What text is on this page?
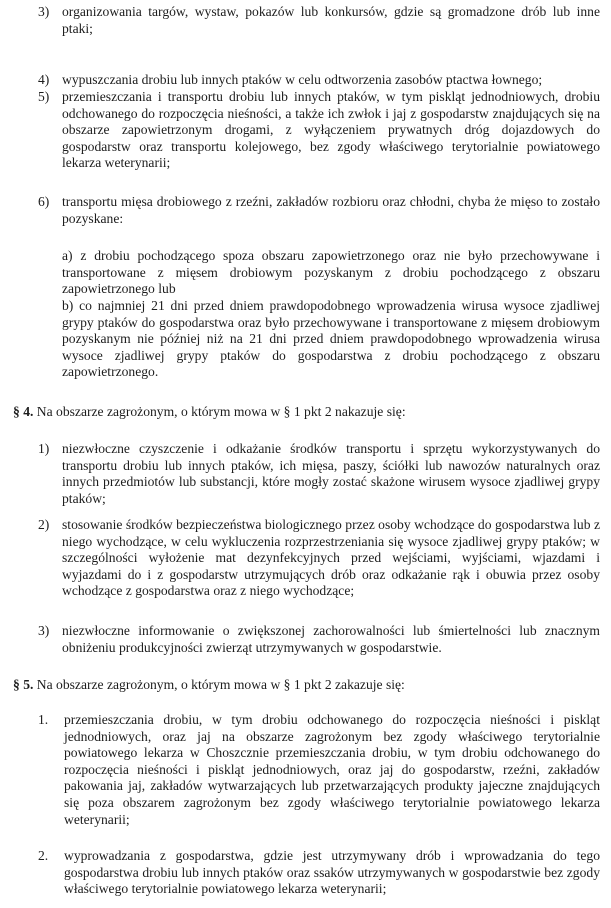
3) organizowania targów, wystaw, pokazów lub konkursów, gdzie są gromadzone drób lub inne ptaki;
4) wypuszczania drobiu lub innych ptaków w celu odtworzenia zasobów ptactwa łownego;
5) przemieszczania i transportu drobiu lub innych ptaków, w tym piskląt jednodniowych, drobiu odchowanego do rozpoczęcia nieśności, a także ich zwłok i jaj z gospodarstw znajdujących się na obszarze zapowietrzonym drogami, z wyłączeniem prywatnych dróg dojazdowych do gospodarstw oraz transportu kolejowego, bez zgody właściwego terytorialnie powiatowego lekarza weterynarii;
6) transportu mięsa drobiowego z rzeźni, zakładów rozbioru oraz chłodni, chyba że mięso to zostało pozyskane:
a) z drobiu pochodzącego spoza obszaru zapowietrzonego oraz nie było przechowywane i transportowane z mięsem drobiowym pozyskanym z drobiu pochodzącego z obszaru zapowietrzonego lub
b) co najmniej 21 dni przed dniem prawdopodobnego wprowadzenia wirusa wysoce zjadliwej grypy ptaków do gospodarstwa oraz było przechowywane i transportowane z mięsem drobiowym pozyskanym nie później niż na 21 dni przed dniem prawdopodobnego wprowadzenia wirusa wysoce zjadliwej grypy ptaków do gospodarstwa z drobiu pochodzącego z obszaru zapowietrzonego.
§ 4. Na obszarze zagrożonym, o którym mowa w § 1 pkt 2 nakazuje się:
1) niezwłoczne czyszczenie i odkażanie środków transportu i sprzętu wykorzystywanych do transportu drobiu lub innych ptaków, ich mięsa, paszy, ściółki lub nawozów naturalnych oraz innych przedmiotów lub substancji, które mogły zostać skażone wirusem wysoce zjadliwej grypy ptaków;
2) stosowanie środków bezpieczeństwa biologicznego przez osoby wchodzące do gospodarstwa lub z niego wychodzące, w celu wykluczenia rozprzestrzeniania się wysoce zjadliwej grypy ptaków; w szczególności wyłożenie mat dezynfekcyjnych przed wejściami, wyjściami, wjazdami i wyjazdami do i z gospodarstw utrzymujących drób oraz odkażanie rąk i obuwia przez osoby wchodzące z gospodarstwa oraz z niego wychodzące;
3) niezwłoczne informowanie o zwiększonej zachorowalności lub śmiertelności lub znacznym obniżeniu produkcyjności zwierząt utrzymywanych w gospodarstwie.
§ 5. Na obszarze zagrożonym, o którym mowa w § 1 pkt 2 zakazuje się:
1.	przemieszczania drobiu, w tym drobiu odchowanego do rozpoczęcia nieśności i piskląt jednodniowych, oraz jaj na obszarze zagrożonym bez zgody właściwego terytorialnie powiatowego lekarza w Choszcznie przemieszczania drobiu, w tym drobiu odchowanego do rozpoczęcia nieśności i piskląt jednodniowych, oraz jaj do gospodarstw, rzeźni, zakładów pakowania jaj, zakładów wytwarzających lub przetwarzających produkty jajeczne znajdujących się poza obszarem zagrożonym bez zgody właściwego terytorialnie powiatowego lekarza weterynarii;
2.	wyprowadzania z gospodarstwa, gdzie jest utrzymywany drób i wprowadzania do tego gospodarstwa drobiu lub innych ptaków oraz ssaków utrzymywanych w gospodarstwie bez zgody właściwego terytorialnie powiatowego lekarza weterynarii;
